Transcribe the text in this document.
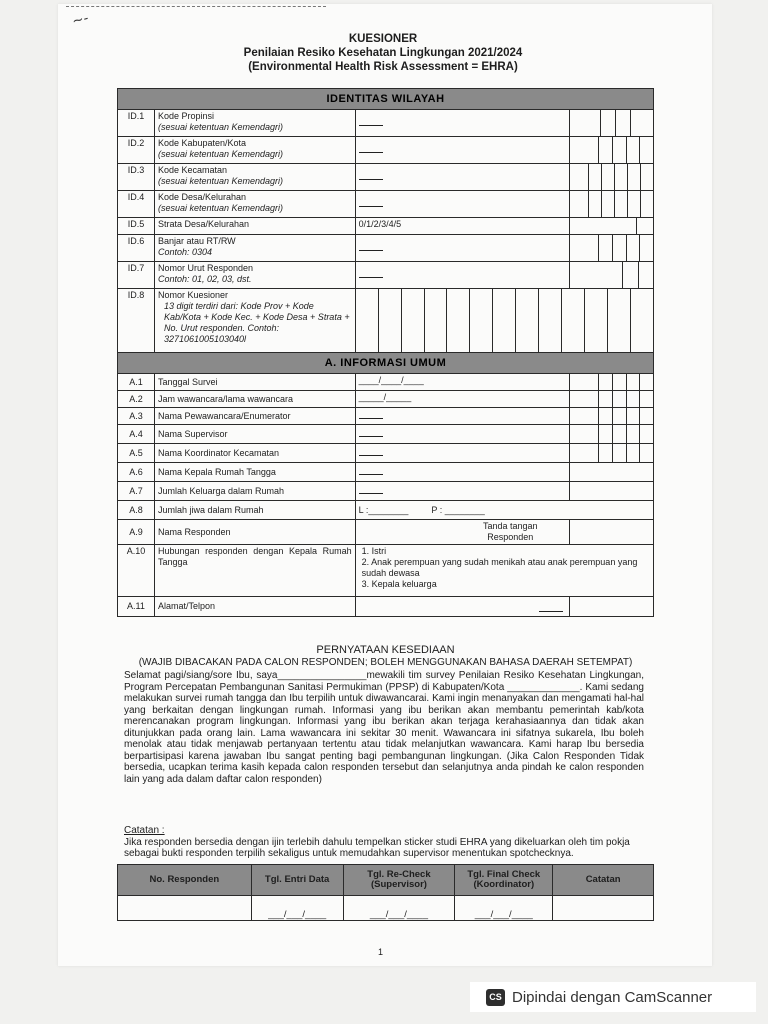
~-
KUESIONER
Penilaian Resiko Kesehatan Lingkungan 2021/2024
(Environmental Health Risk Assessment = EHRA)
IDENTITAS WILAYAH			
ID.1	Kode Propinsi
(sesuai ketentuan Kemendagri)		

ID.2	Kode Kabupaten/Kota
(sesuai ketentuan Kemendagri)		

ID.3	Kode Kecamatan
(sesuai ketentuan Kemendagri)		

ID.4	Kode Desa/Kelurahan
(sesuai ketentuan Kemendagri)		

ID.5	Strata Desa/Kelurahan	0/1/2/3/4/5	

ID.6	Banjar atau RT/RW
Contoh: 0304		

ID.7	Nomor Urut Responden
Contoh: 01, 02, 03, dst.		

ID.8	Nomor Kuesioner
13 digit terdiri dari: Kode Prov + Kode Kab/Kota + Kode Kec. + Kode Desa + Strata + No. Urut responden. Contoh: 3271061005103040l		

A. INFORMASI UMUM			
A.1	Tanggal Survei	____/____/____	

A.2	Jam wawancara/lama wawancara	_____/_____	

A.3	Nama Pewawancara/Enumerator		

A.4	Nama Supervisor		

A.5	Nama Koordinator Kecamatan		

A.6	Nama Kepala Rumah Tangga		
A.7	Jumlah Keluarga dalam Rumah		
A.8	Jumlah jiwa dalam Rumah	L :________ P : ________	
A.9	Nama Responden	Tanda tangan Responden	
A.10	Hubungan responden dengan Kepala Rumah Tangga	1. Istri
2. Anak perempuan yang sudah menikah atau anak perempuan yang sudah dewasa
3. Kepala keluarga	

A.11	Alamat/Telpon		
PERNYATAAN KESEDIAAN
(WAJIB DIBACAKAN PADA CALON RESPONDEN; BOLEH MENGGUNAKAN BAHASA DAERAH SETEMPAT)
Selamat pagi/siang/sore Ibu, saya________________mewakili tim survey Penilaian Resiko Kesehatan Lingkungan, Program Percepatan Pembangunan Sanitasi Permukiman (PPSP) di Kabupaten/Kota _____________. Kami sedang melakukan survei rumah tangga dan Ibu terpilih untuk diwawancarai. Kami ingin menanyakan dan mengamati hal-hal yang berkaitan dengan lingkungan rumah. Informasi yang ibu berikan akan membantu pemerintah kab/kota merencanakan program lingkungan. Informasi yang ibu berikan akan terjaga kerahasiaannya dan tidak akan ditunjukkan pada orang lain. Lama wawancara ini sekitar 30 menit. Wawancara ini sifatnya sukarela, Ibu boleh menolak atau tidak menjawab pertanyaan tertentu atau tidak melanjutkan wawancara. Kami harap Ibu bersedia berpartisipasi karena jawaban Ibu sangat penting bagi pembangunan lingkungan. (Jika Calon Responden Tidak bersedia, ucapkan terima kasih kepada calon responden tersebut dan selanjutnya anda pindah ke calon responden lain yang ada dalam daftar calon responden)
Catatan :
Jika responden bersedia dengan ijin terlebih dahulu tempelkan sticker studi EHRA yang dikeluarkan oleh tim pokja sebagai bukti responden terpilih sekaligus untuk memudahkan supervisor menentukan spotchecknya.
No. Responden	Tgl. Entri Data	Tgl. Re-Check (Supervisor)	Tgl. Final Check (Koordinator)	Catatan
	___/___/____	___/___/____	___/___/____	
1
CS Dipindai dengan CamScanner
